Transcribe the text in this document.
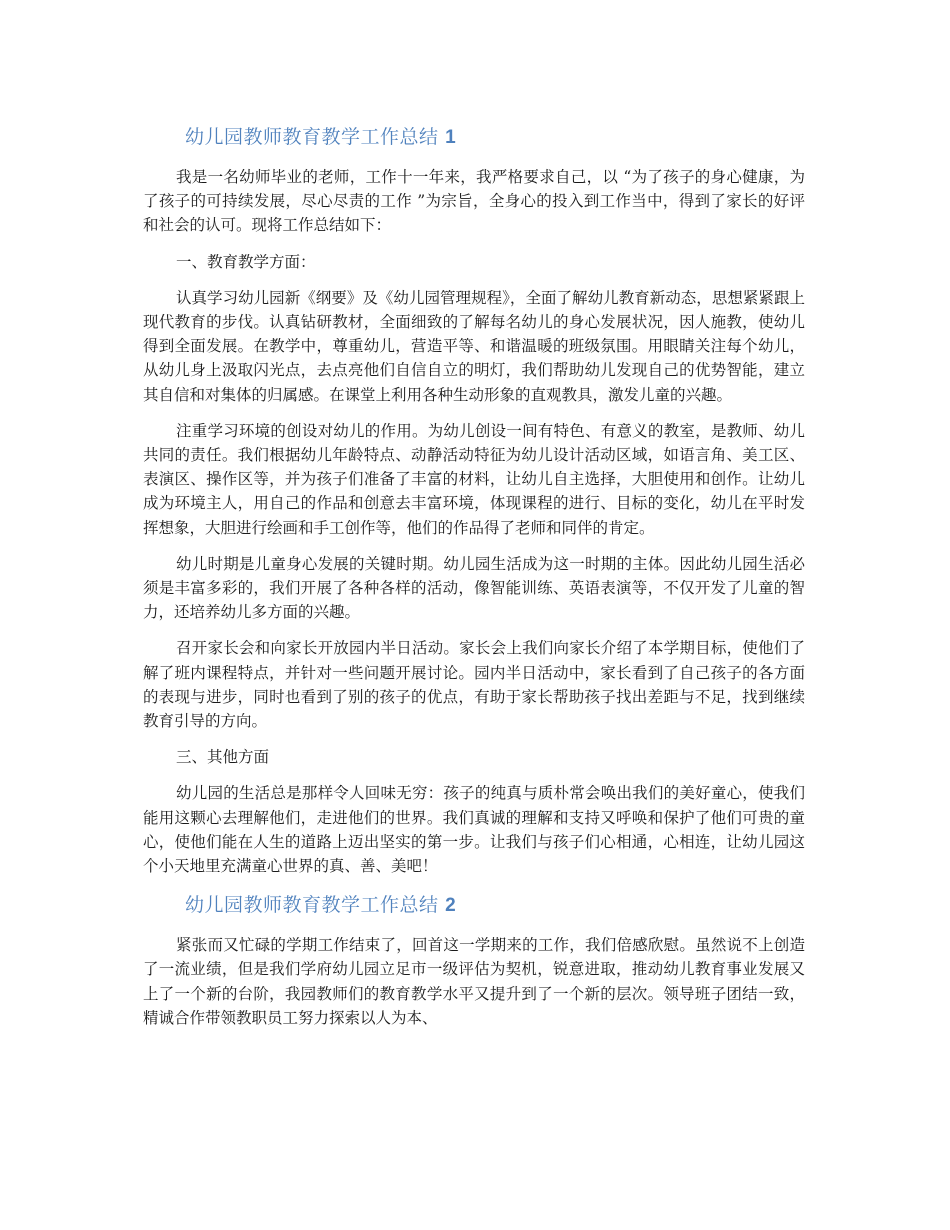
幼儿园教师教育教学工作总结 1

我是一名幼师毕业的老师，工作十一年来，我严格要求自己，以 “为了孩子的身心健康，为了孩子的可持续发展，尽心尽责的工作 ”为宗旨，全身心的投入到工作当中，得到了家长的好评和社会的认可。现将工作总结如下：

一、教育教学方面：

认真学习幼儿园新《纲要》及《幼儿园管理规程》，全面了解幼儿教育新动态，思想紧紧跟上现代教育的步伐。认真钻研教材，全面细致的了解每名幼儿的身心发展状况，因人施教，使幼儿得到全面发展。在教学中，尊重幼儿，营造平等、和谐温暖的班级氛围。用眼睛关注每个幼儿，从幼儿身上汲取闪光点，去点亮他们自信自立的明灯，我们帮助幼儿发现自己的优势智能，建立其自信和对集体的归属感。在课堂上利用各种生动形象的直观教具，激发儿童的兴趣。

注重学习环境的创设对幼儿的作用。为幼儿创设一间有特色、有意义的教室，是教师、幼儿共同的责任。我们根据幼儿年龄特点、动静活动特征为幼儿设计活动区域，如语言角、美工区、表演区、操作区等，并为孩子们准备了丰富的材料，让幼儿自主选择，大胆使用和创作。让幼儿成为环境主人，用自己的作品和创意去丰富环境，体现课程的进行、目标的变化，幼儿在平时发挥想象，大胆进行绘画和手工创作等，他们的作品得了老师和同伴的肯定。

幼儿时期是儿童身心发展的关键时期。幼儿园生活成为这一时期的主体。因此幼儿园生活必须是丰富多彩的，我们开展了各种各样的活动，像智能训练、英语表演等，不仅开发了儿童的智力，还培养幼儿多方面的兴趣。

召开家长会和向家长开放园内半日活动。家长会上我们向家长介绍了本学期目标，使他们了解了班内课程特点，并针对一些问题开展讨论。园内半日活动中，家长看到了自己孩子的各方面的表现与进步，同时也看到了别的孩子的优点，有助于家长帮助孩子找出差距与不足，找到继续教育引导的方向。

三、其他方面

幼儿园的生活总是那样令人回味无穷：孩子的纯真与质朴常会唤出我们的美好童心，使我们能用这颗心去理解他们，走进他们的世界。我们真诚的理解和支持又呼唤和保护了他们可贵的童心，使他们能在人生的道路上迈出坚实的第一步。让我们与孩子们心相通，心相连，让幼儿园这个小天地里充满童心世界的真、善、美吧！

幼儿园教师教育教学工作总结 2

紧张而又忙碌的学期工作结束了，回首这一学期来的工作，我们倍感欣慰。虽然说不上创造了一流业绩，但是我们学府幼儿园立足市一级评估为契机，锐意进取，推动幼儿教育事业发展又上了一个新的台阶，我园教师们的教育教学水平又提升到了一个新的层次。领导班子团结一致，精诚合作带领教职员工努力探索以人为本、
